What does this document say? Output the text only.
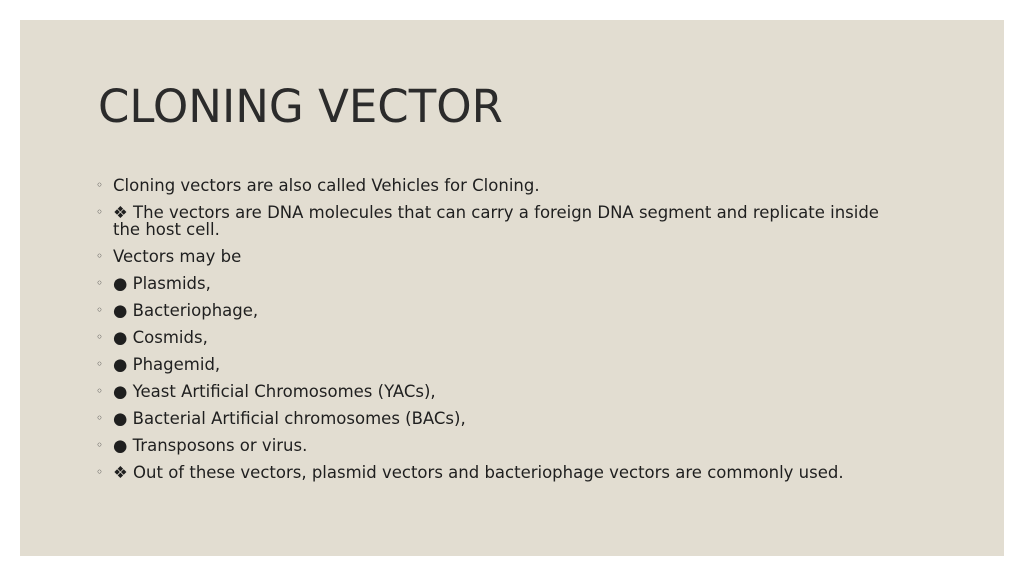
CLONING VECTOR
◦ Cloning vectors are also called Vehicles for Cloning.
◦ ❖ The vectors are DNA molecules that can carry a foreign DNA segment and replicate inside the host cell.
◦ Vectors may be
◦ ● Plasmids,
◦ ● Bacteriophage,
◦ ● Cosmids,
◦ ● Phagemid,
◦ ● Yeast Artificial Chromosomes (YACs),
◦ ● Bacterial Artificial chromosomes (BACs),
◦ ● Transposons or virus.
◦ ❖ Out of these vectors, plasmid vectors and bacteriophage vectors are commonly used.
